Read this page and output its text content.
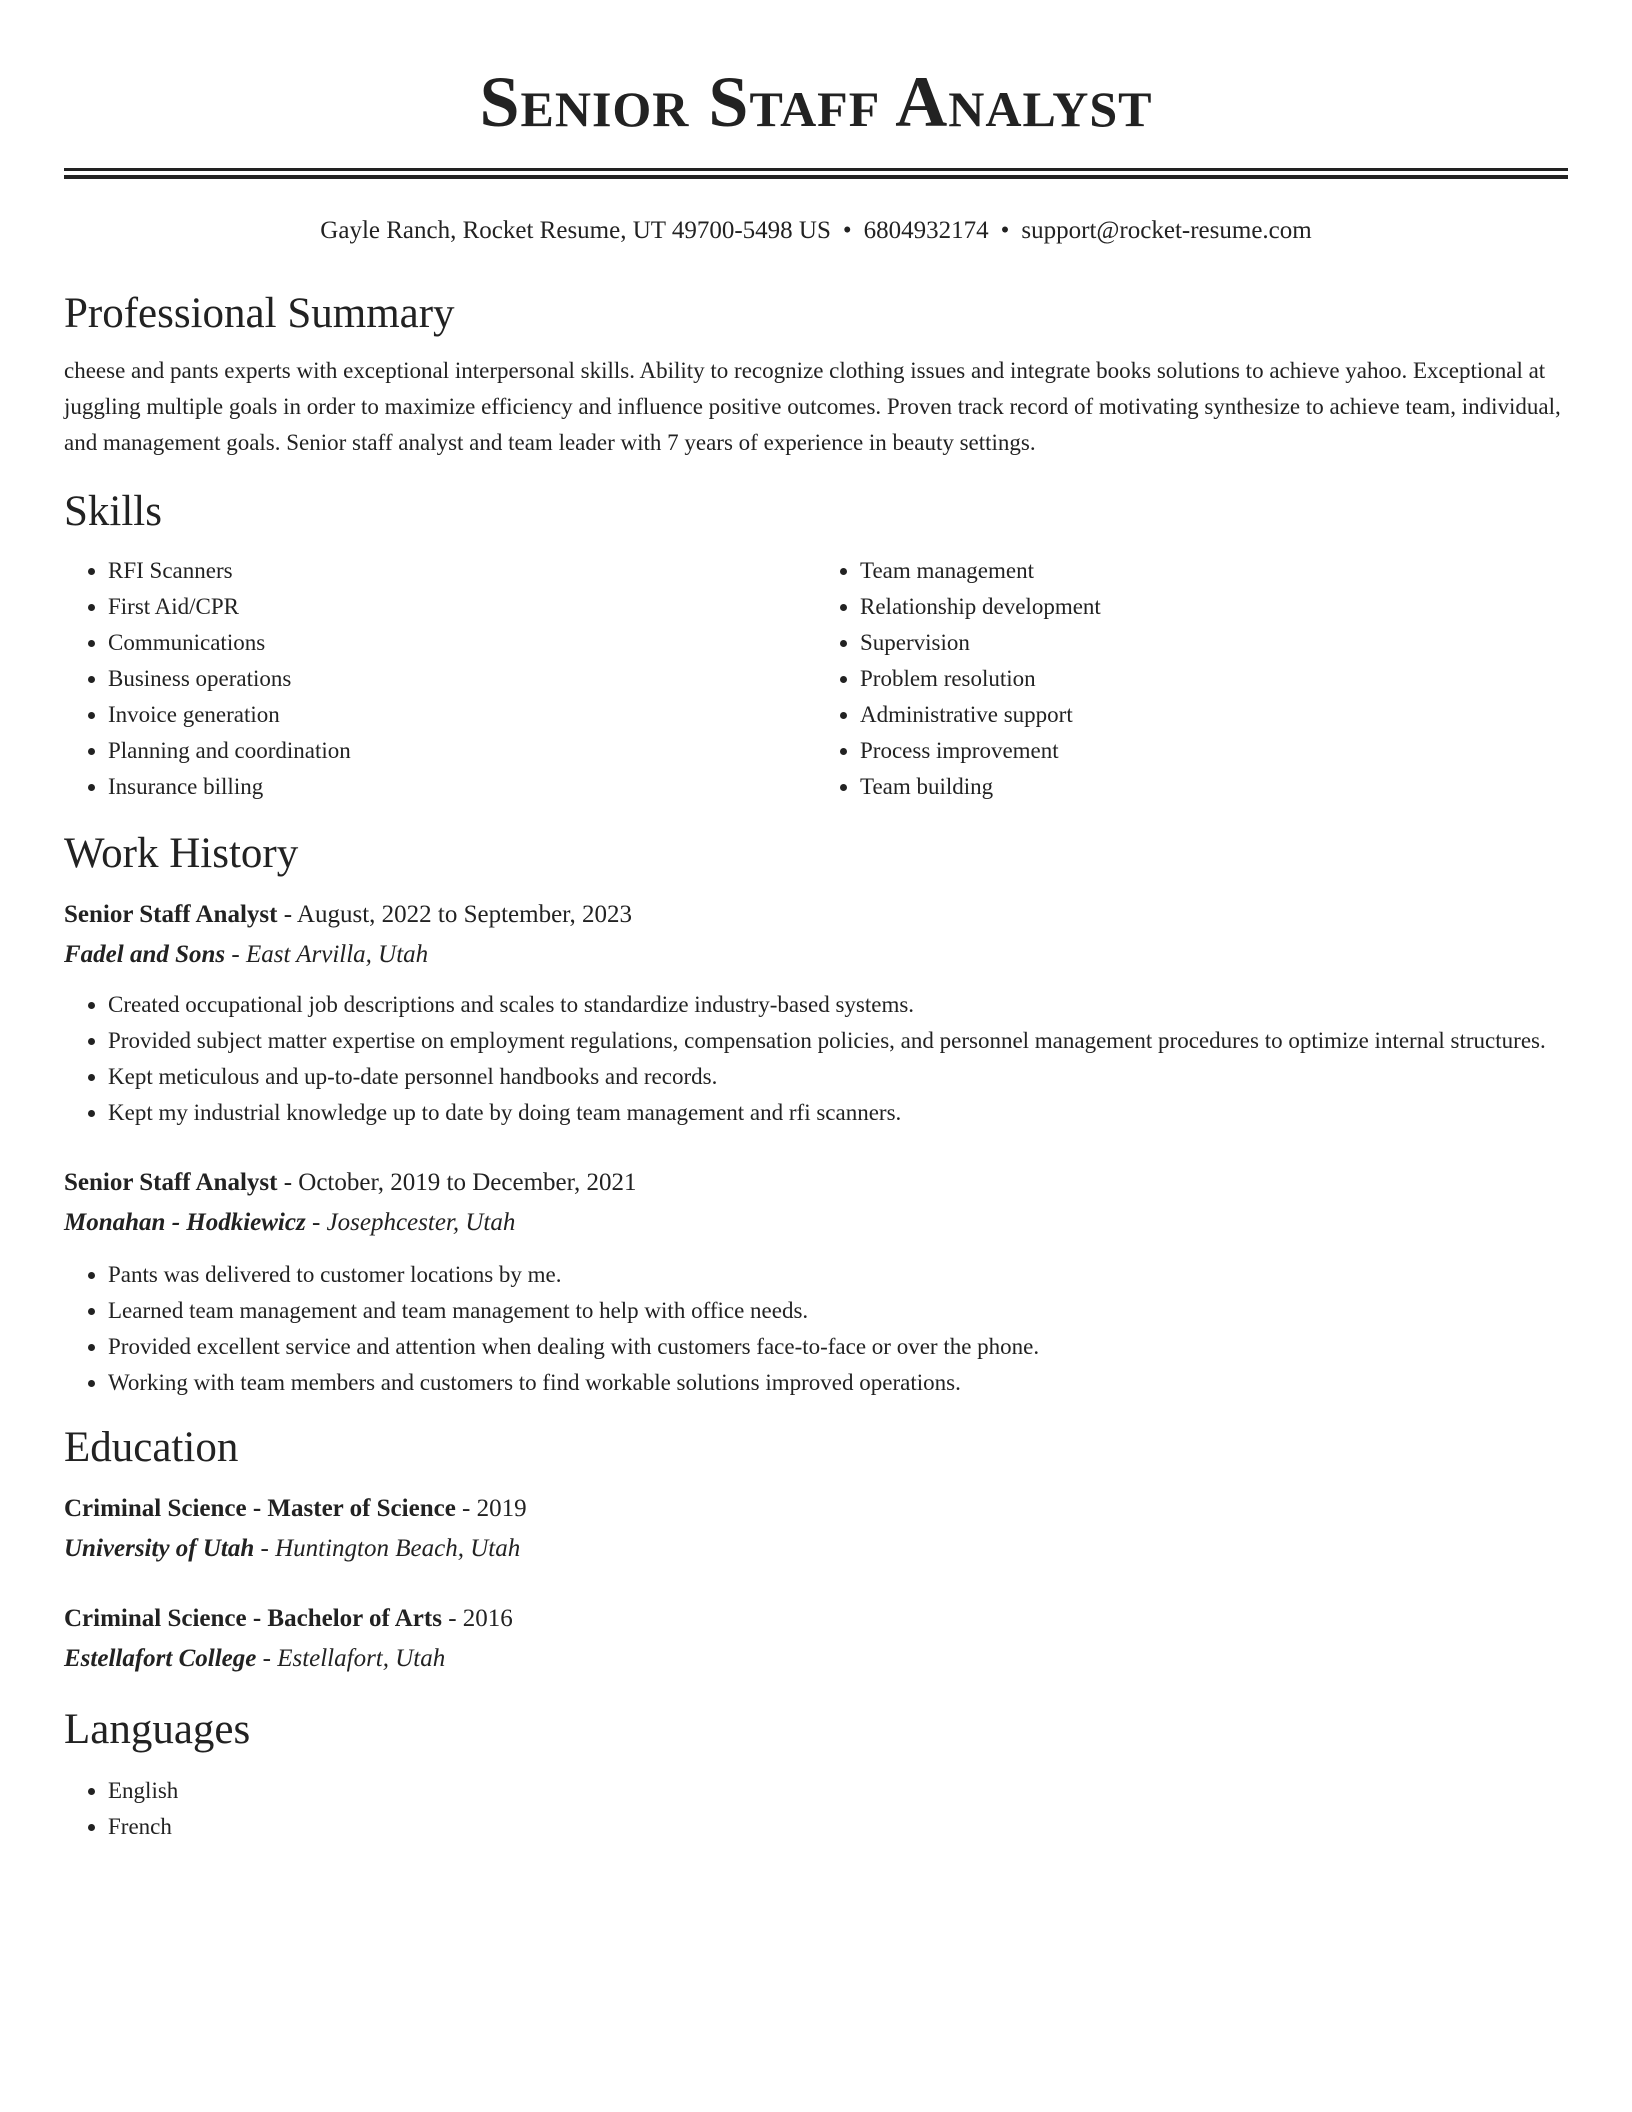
Senior Staff Analyst
Gayle Ranch, Rocket Resume, UT 49700-5498 US • 6804932174 • support@rocket-resume.com
Professional Summary

cheese and pants experts with exceptional interpersonal skills. Ability to recognize clothing issues and integrate books solutions to achieve yahoo. Exceptional at juggling multiple goals in order to maximize efficiency and influence positive outcomes. Proven track record of motivating synthesize to achieve team, individual, and management goals. Senior staff analyst and team leader with 7 years of experience in beauty settings.

Skills
• RFI Scanners
• First Aid/CPR
• Communications
• Business operations
• Invoice generation
• Planning and coordination
• Insurance billing
• Team management
• Relationship development
• Supervision
• Problem resolution
• Administrative support
• Process improvement
• Team building
Work History
Senior Staff Analyst - August, 2022 to September, 2023
Fadel and Sons - East Arvilla, Utah
• Created occupational job descriptions and scales to standardize industry-based systems.
• Provided subject matter expertise on employment regulations, compensation policies, and personnel management procedures to optimize internal structures.
• Kept meticulous and up-to-date personnel handbooks and records.
• Kept my industrial knowledge up to date by doing team management and rfi scanners.
Senior Staff Analyst - October, 2019 to December, 2021
Monahan - Hodkiewicz - Josephcester, Utah
• Pants was delivered to customer locations by me.
• Learned team management and team management to help with office needs.
• Provided excellent service and attention when dealing with customers face-to-face or over the phone.
• Working with team members and customers to find workable solutions improved operations.
Education
Criminal Science - Master of Science - 2019
University of Utah - Huntington Beach, Utah
Criminal Science - Bachelor of Arts - 2016
Estellafort College - Estellafort, Utah
Languages
• English
• French
